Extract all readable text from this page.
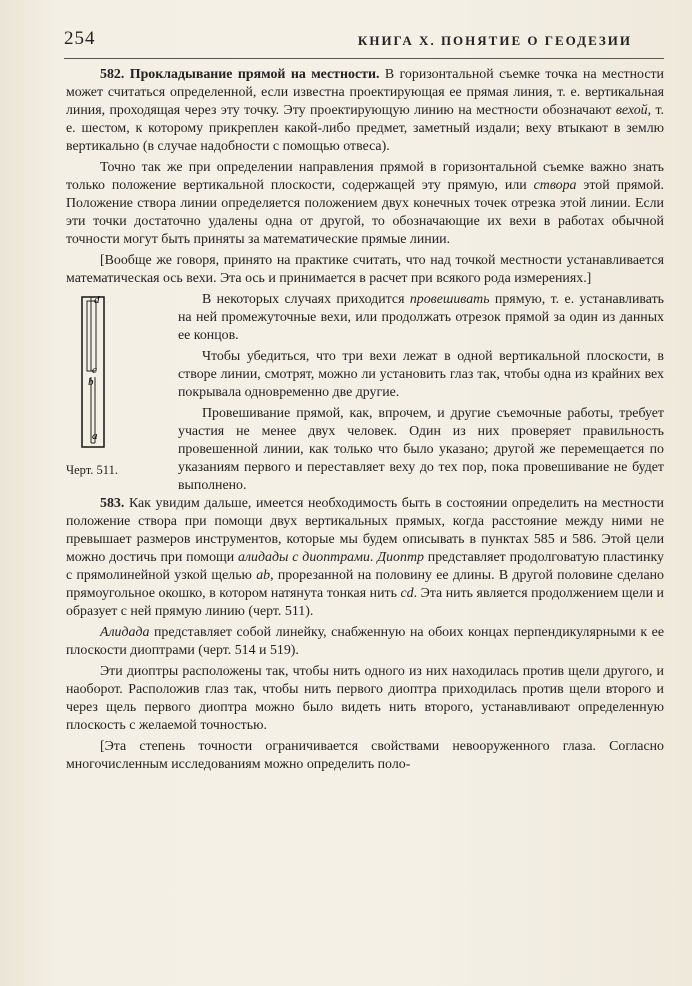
254	КНИГА X. ПОНЯТИЕ О ГЕОДЕЗИИ

582. Прокладывание прямой на местности. В горизонтальной съемке точка на местности может считаться определенной, если известна проектирующая ее прямая линия, т. е. вертикальная линия, проходящая через эту точку. Эту проектирующую линию на местности обозначают вехой, т. е. шестом, к которому прикреплен какой-либо предмет, заметный издали; веху втыкают в землю вертикально (в случае надобности с помощью отвеса).

Точно так же при определении направления прямой в горизонтальной съемке важно знать только положение вертикальной плоскости, содержащей эту прямую, или створа этой прямой. Положение створа линии определяется положением двух конечных точек отрезка этой линии. Если эти точки достаточно удалены одна от другой, то обозначающие их вехи в работах обычной точности могут быть приняты за математические прямые линии.

[Вообще же говоря, принято на практике считать, что над точкой местности устанавливается математическая ось вехи. Эта ось и принимается в расчет при всякого рода измерениях.]

d
c
b
a
Черт. 511.

В некоторых случаях приходится провешивать прямую, т. е. устанавливать на ней промежуточные вехи, или продолжать отрезок прямой за один из данных ее концов.

Чтобы убедиться, что три вехи лежат в одной вертикальной плоскости, в створе линии, смотрят, можно ли установить глаз так, чтобы одна из крайних вех покрывала одновременно две другие.

Провешивание прямой, как, впрочем, и другие съемочные работы, требует участия не менее двух человек. Один из них проверяет правильность провешенной линии, как только что было указано; другой же перемещается по указаниям первого и переставляет веху до тех пор, пока провешивание не будет выполнено.

583. Как увидим дальше, имеется необходимость быть в состоянии определить на местности положение створа при помощи двух вертикальных прямых, когда расстояние между ними не превышает размеров инструментов, которые мы будем описывать в пунктах 585 и 586. Этой цели можно достичь при помощи алидады с диоптрами. Диоптр представляет продолговатую пластинку с прямолинейной узкой щелью ab, прорезанной на половину ее длины. В другой половине сделано прямоугольное окошко, в котором натянута тонкая нить cd. Эта нить является продолжением щели и образует с ней прямую линию (черт. 511).

Алидада представляет собой линейку, снабженную на обоих концах перпендикулярными к ее плоскости диоптрами (черт. 514 и 519).

Эти диоптры расположены так, чтобы нить одного из них находилась против щели другого, и наоборот. Расположив глаз так, чтобы нить первого диоптра приходилась против щели второго и через щель первого диоптра можно было видеть нить второго, устанавливают определенную плоскость с желаемой точностью.

[Эта степень точности ограничивается свойствами невооруженного глаза. Согласно многочисленным исследованиям можно определить поло-
